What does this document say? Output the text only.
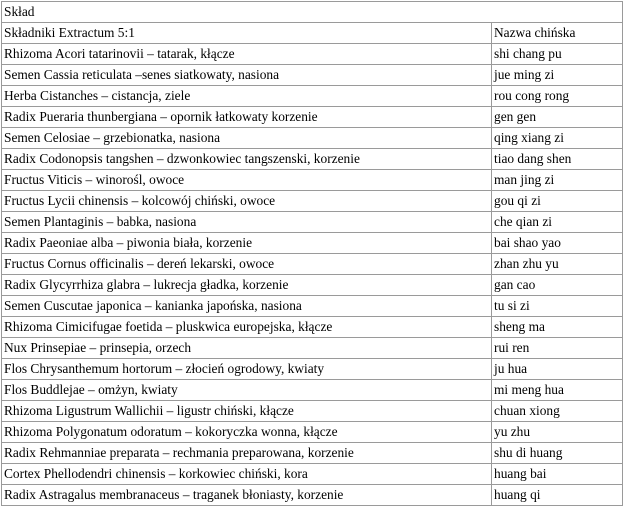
Skład	
Składniki Extractum 5:1	Nazwa chińska
Rhizoma Acori tatarinovii – tatarak, kłącze	shi chang pu
Semen Cassia reticulata –senes siatkowaty, nasiona	jue ming zi
Herba Cistanches – cistancja, ziele	rou cong rong
Radix Pueraria thunbergiana – opornik łatkowaty korzenie	gen gen
Semen Celosiae – grzebionatka, nasiona	qing xiang zi
Radix Codonopsis tangshen – dzwonkowiec tangszenski, korzenie	tiao dang shen
Fructus Viticis – winorośl, owoce	man jing zi
Fructus Lycii chinensis – kolcowój chiński, owoce	gou qi zi
Semen Plantaginis – babka, nasiona	che qian zi
Radix Paeoniae alba – piwonia biała, korzenie	bai shao yao
Fructus Cornus officinalis – dereń lekarski, owoce	zhan zhu yu
Radix Glycyrrhiza glabra – lukrecja gładka, korzenie	gan cao
Semen Cuscutae japonica – kanianka japońska, nasiona	tu si zi
Rhizoma Cimicifugae foetida – pluskwica europejska, kłącze	sheng ma
Nux Prinsepiae – prinsepia, orzech	rui ren
Flos Chrysanthemum hortorum – złocień ogrodowy, kwiaty	ju hua
Flos Buddlejae – omżyn, kwiaty	mi meng hua
Rhizoma Ligustrum Wallichii – ligustr chiński, kłącze	chuan xiong
Rhizoma Polygonatum odoratum – kokoryczka wonna, kłącze	yu zhu
Radix Rehmanniae preparata – rechmania preparowana, korzenie	shu di huang
Cortex Phellodendri chinensis – korkowiec chiński, kora	huang bai
Radix Astragalus membranaceus – traganek błoniasty, korzenie	huang qi
